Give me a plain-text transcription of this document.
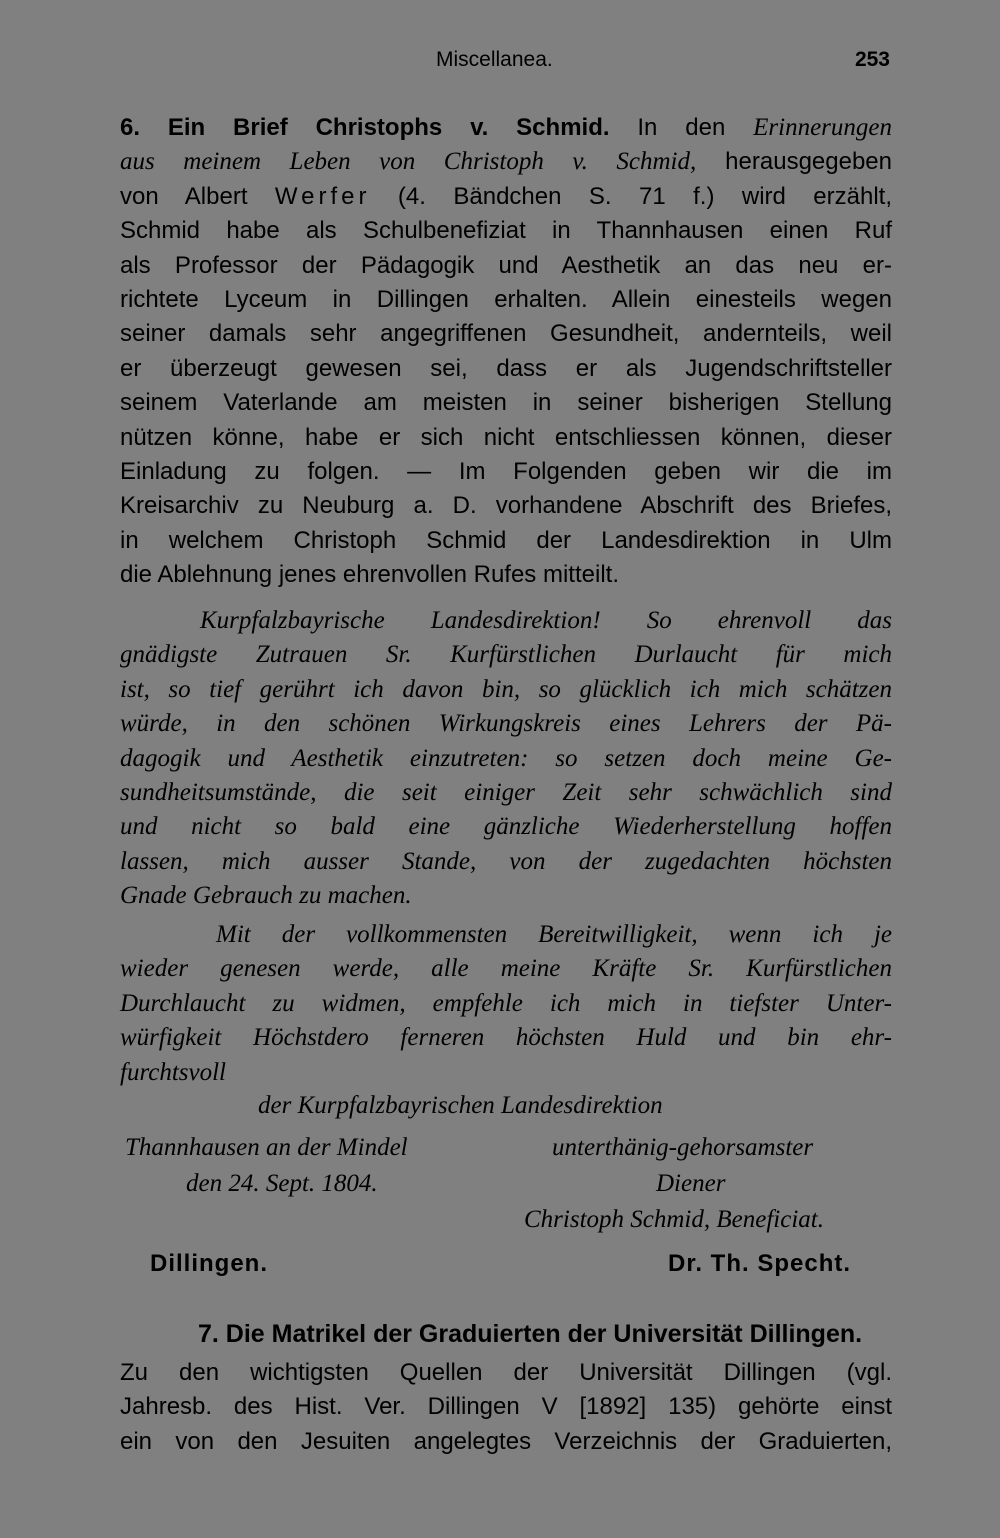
Miscellanea.	253
6. Ein Brief Christophs v. Schmid. In den Erinnerungen
aus meinem Leben von Christoph v. Schmid, herausgegeben
von Albert Werfer (4. Bändchen S. 71 f.) wird erzählt,
Schmid habe als Schulbenefiziat in Thannhausen einen Ruf
als Professor der Pädagogik und Aesthetik an das neu er-
richtete Lyceum in Dillingen erhalten. Allein einesteils wegen
seiner damals sehr angegriffenen Gesundheit, andernteils, weil
er überzeugt gewesen sei, dass er als Jugendschriftsteller
seinem Vaterlande am meisten in seiner bisherigen Stellung
nützen könne, habe er sich nicht entschliessen können, dieser
Einladung zu folgen. — Im Folgenden geben wir die im
Kreisarchiv zu Neuburg a. D. vorhandene Abschrift des Briefes,
in welchem Christoph Schmid der Landesdirektion in Ulm
die Ablehnung jenes ehrenvollen Rufes mitteilt.
Kurpfalzbayrische Landesdirektion! So ehrenvoll das
gnädigste Zutrauen Sr. Kurfürstlichen Durlaucht für mich
ist, so tief gerührt ich davon bin, so glücklich ich mich schätzen
würde, in den schönen Wirkungskreis eines Lehrers der Pä-
dagogik und Aesthetik einzutreten: so setzen doch meine Ge-
sundheitsumstände, die seit einiger Zeit sehr schwächlich sind
und nicht so bald eine gänzliche Wiederherstellung hoffen
lassen, mich ausser Stande, von der zugedachten höchsten
Gnade Gebrauch zu machen.
Mit der vollkommensten Bereitwilligkeit, wenn ich je
wieder genesen werde, alle meine Kräfte Sr. Kurfürstlichen
Durchlaucht zu widmen, empfehle ich mich in tiefster Unter-
würfigkeit Höchstdero ferneren höchsten Huld und bin ehr-
furchtsvoll
der Kurpfalzbayrischen Landesdirektion
Thannhausen an der Mindel
den 24. Sept. 1804.
unterthänig-gehorsamster
Diener
Christoph Schmid, Beneficiat.
Dillingen.	Dr. Th. Specht.
7. Die Matrikel der Graduierten der Universität Dillingen.
Zu den wichtigsten Quellen der Universität Dillingen (vgl.
Jahresb. des Hist. Ver. Dillingen V [1892] 135) gehörte einst
ein von den Jesuiten angelegtes Verzeichnis der Graduierten,
